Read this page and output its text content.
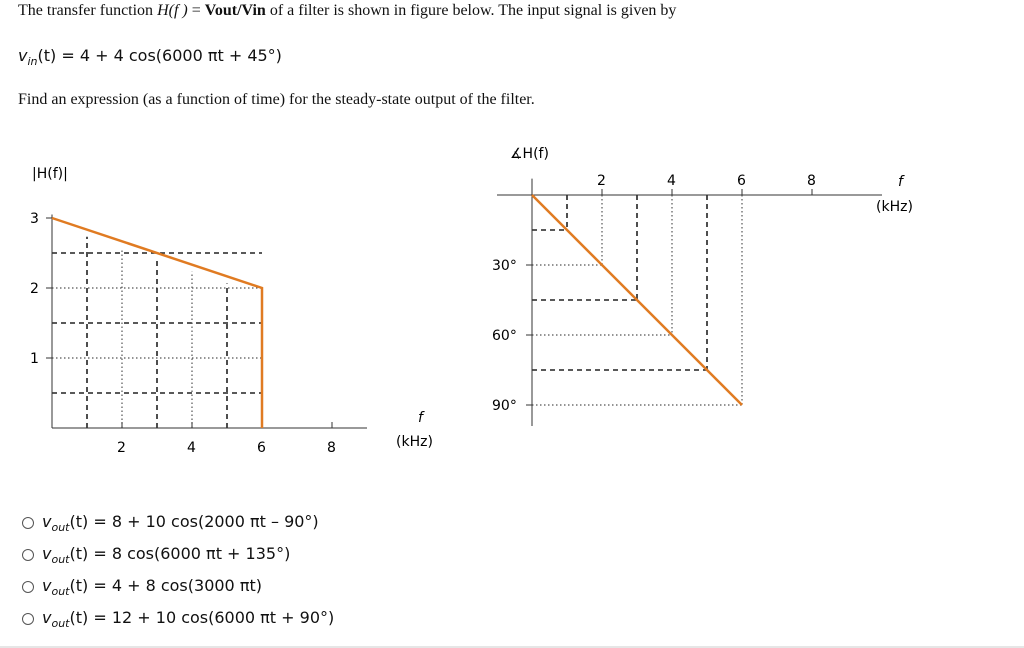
The transfer function H(f ) = Vout/Vin of a filter is shown in figure below. The input signal is given by
$v_{in}(t) = 4 + 4$ cos(6000 πt + 45°)
Find an expression (as a function of time) for the steady-state output of the filter.
|H(f)|
3
2
1
2	4	6	8
f
(kHz)
∡H(f)
30°
60°
90°
2	4	6	8	f
(kHz)
$v_{out}(t) = 8 + 10$ cos(2000 πt – 90°)
$v_{out}(t) = 8$ cos(6000 πt + 135°)
$v_{out}(t) = 4 + 8$ cos(3000 πt)
$v_{out}(t) = 12 + 10$ cos(6000 πt + 90°)
